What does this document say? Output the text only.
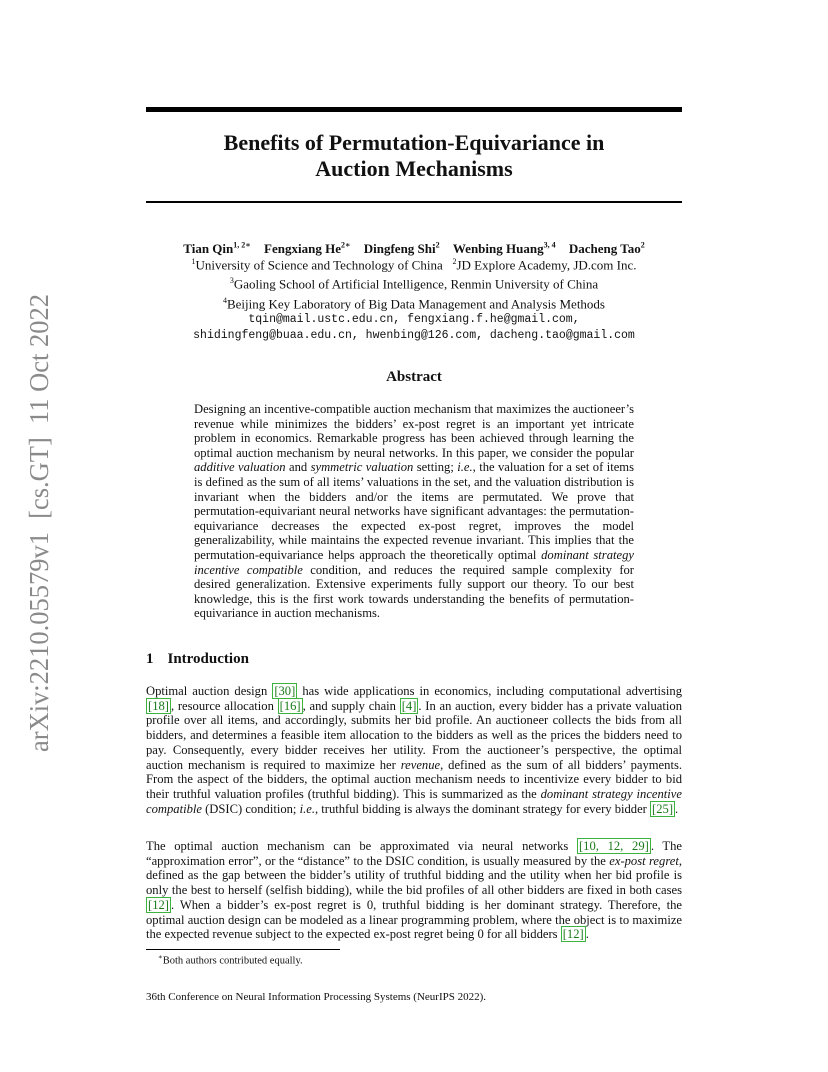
arXiv:2210.05579v1  [cs.GT]  11 Oct 2022
Benefits of Permutation-Equivariance in
Auction Mechanisms
Tian Qin$^{1, 2∗}$ Fengxiang $He^{2∗}$ Dingfeng Shi$^2$ Wenbing Huang$^{3, 4}$ Dacheng Tao$^2$
$^1$University of Science and Technology of China $^2$JD Explore Academy, JD.com Inc.
$^3$Gaoling School of Artificial Intelligence, Renmin University of China
$^4$Beijing Key Laboratory of Big Data Management and Analysis Methods
tqin@mail.ustc.edu.cn, fengxiang.f.he@gmail.com,
shidingfeng@buaa.edu.cn, hwenbing@126.com, dacheng.tao@gmail.com
Abstract

Designing an incentive-compatible auction mechanism that maximizes the auctioneer’s revenue while minimizes the bidders’ ex-post regret is an important yet intricate problem in economics. Remarkable progress has been achieved through learning the optimal auction mechanism by neural networks. In this paper, we consider the popular additive valuation and symmetric valuation setting; i.e., the valuation for a set of items is defined as the sum of all items’ valuations in the set, and the valuation distribution is invariant when the bidders and/or the items are permutated. We prove that permutation-equivariant neural networks have significant advantages: the permutation-equivariance decreases the expected ex-post regret, improves the model generalizability, while maintains the expected revenue invariant. This implies that the permutation-equivariance helps approach the theoretically optimal dominant strategy incentive compatible condition, and reduces the required sample complexity for desired generalization. Extensive experiments fully support our theory. To our best knowledge, this is the first work towards understanding the benefits of permutation-equivariance in auction mechanisms.

1 Introduction

Optimal auction design [30] has wide applications in economics, including computational advertising [18] , resource allocation [16] , and supply chain [4] . In an auction, every bidder has a private valuation profile over all items, and accordingly, submits her bid profile. An auctioneer collects the bids from all bidders, and determines a feasible item allocation to the bidders as well as the prices the bidders need to pay. Consequently, every bidder receives her utility. From the auctioneer’s perspective, the optimal auction mechanism is required to maximize her revenue, defined as the sum of all bidders’ payments. From the aspect of the bidders, the optimal auction mechanism needs to incentivize every bidder to bid their truthful valuation profiles (truthful bidding). This is summarized as the dominant strategy incentive compatible (DSIC) condition; i.e., truthful bidding is always the dominant strategy for every bidder [25] .

The optimal auction mechanism can be approximated via neural networks [10, 12, 29] . The “approximation error”, or the “distance” to the DSIC condition, is usually measured by the ex-post regret, defined as the gap between the bidder’s utility of truthful bidding and the utility when her bid profile is only the best to herself (selfish bidding), while the bid profiles of all other bidders are fixed in both cases [12] . When a bidder’s ex-post regret is 0, truthful bidding is her dominant strategy. Therefore, the optimal auction design can be modeled as a linear programming problem, where the object is to maximize the expected revenue subject to the expected ex-post regret being 0 for all bidders [12] .

∗Both authors contributed equally.
36th Conference on Neural Information Processing Systems (NeurIPS 2022).
